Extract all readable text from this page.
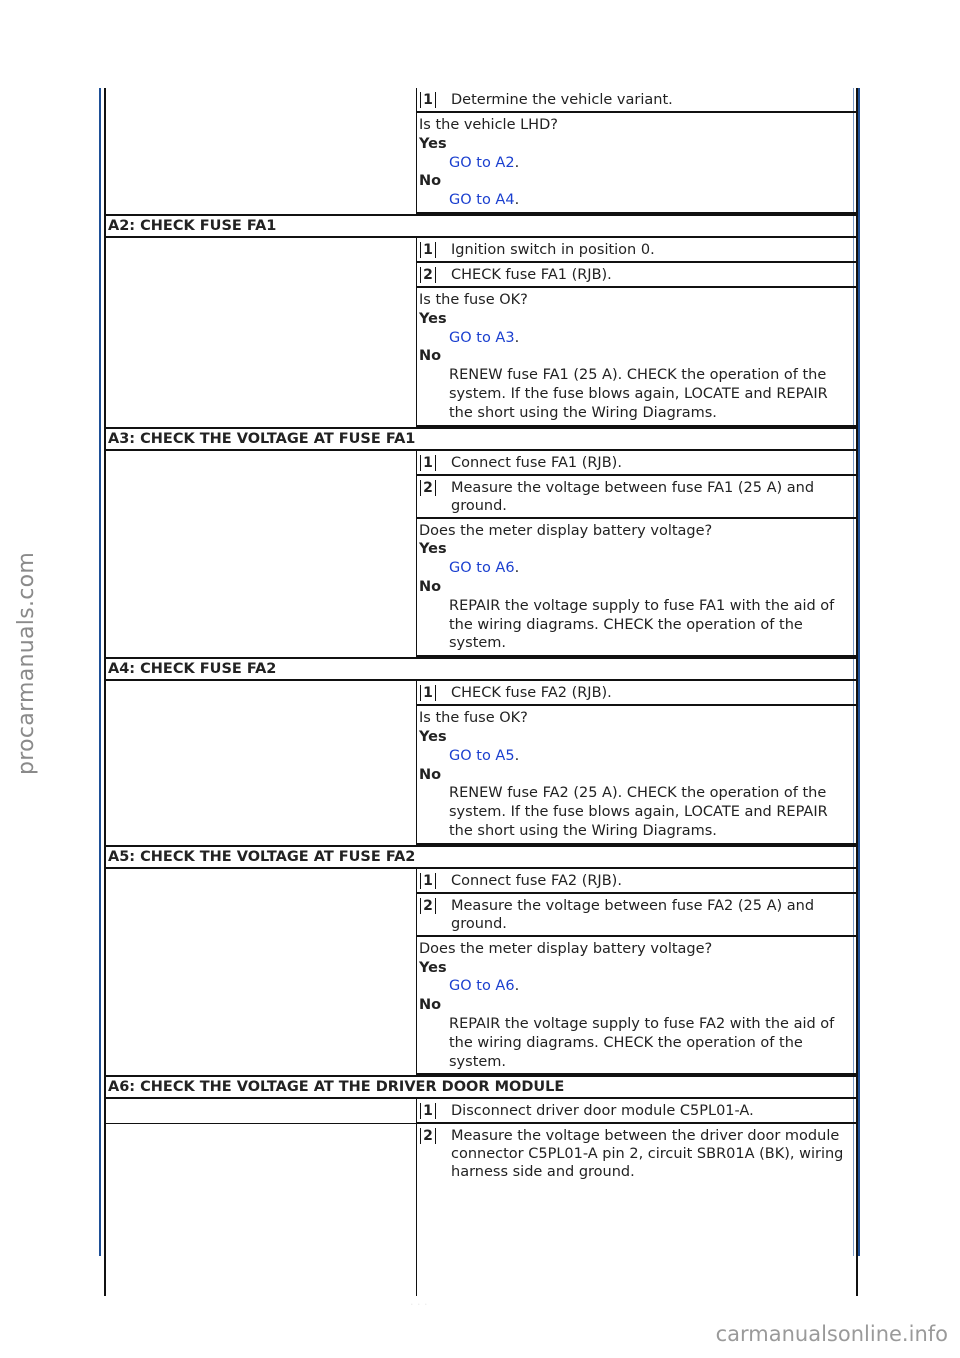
1 Determine the vehicle variant.
Is the vehicle LHD?
Yes
GO to A2.
No
GO to A4.
A2: CHECK FUSE FA1
1 Ignition switch in position 0.
2 CHECK fuse FA1 (RJB).
Is the fuse OK?
Yes
GO to A3.
No
RENEW fuse FA1 (25 A). CHECK the operation of the system. If the fuse blows again, LOCATE and REPAIR the short using the Wiring Diagrams.
A3: CHECK THE VOLTAGE AT FUSE FA1
1 Connect fuse FA1 (RJB).
2 Measure the voltage between fuse FA1 (25 A) and ground.
Does the meter display battery voltage?
Yes
GO to A6.
No
REPAIR the voltage supply to fuse FA1 with the aid of the wiring diagrams. CHECK the operation of the system.
A4: CHECK FUSE FA2
1 CHECK fuse FA2 (RJB).
Is the fuse OK?
Yes
GO to A5.
No
RENEW fuse FA2 (25 A). CHECK the operation of the system. If the fuse blows again, LOCATE and REPAIR the short using the Wiring Diagrams.
A5: CHECK THE VOLTAGE AT FUSE FA2
1 Connect fuse FA2 (RJB).
2 Measure the voltage between fuse FA2 (25 A) and ground.
Does the meter display battery voltage?
Yes
GO to A6.
No
REPAIR the voltage supply to fuse FA2 with the aid of the wiring diagrams. CHECK the operation of the system.
A6: CHECK THE VOLTAGE AT THE DRIVER DOOR MODULE
1 Disconnect driver door module C5PL01-A.
2 Measure the voltage between the driver door module connector C5PL01-A pin 2, circuit SBR01A (BK), wiring harness side and ground.
· · ·
procarmanuals.com
carmanualsonline.info
